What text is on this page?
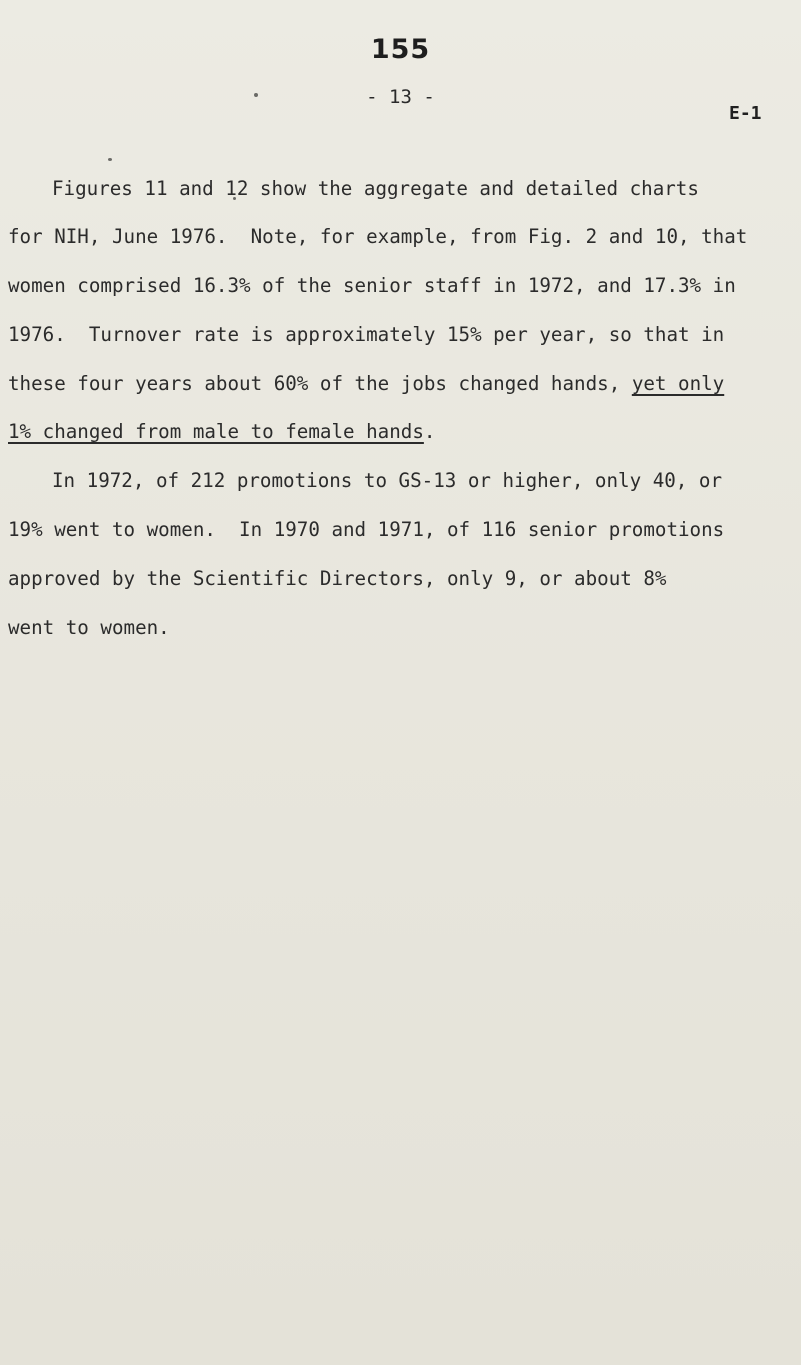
155
- 13 -
E-1
Figures 11 and 12 show the aggregate and detailed charts
for NIH, June 1976.  Note, for example, from Fig. 2 and 10, that
women comprised 16.3% of the senior staff in 1972, and 17.3% in
1976.  Turnover rate is approximately 15% per year, so that in
these four years about 60% of the jobs changed hands, yet only
1% changed from male to female hands.
In 1972, of 212 promotions to GS-13 or higher, only 40, or
19% went to women.  In 1970 and 1971, of 116 senior promotions
approved by the Scientific Directors, only 9, or about 8%
went to women.
